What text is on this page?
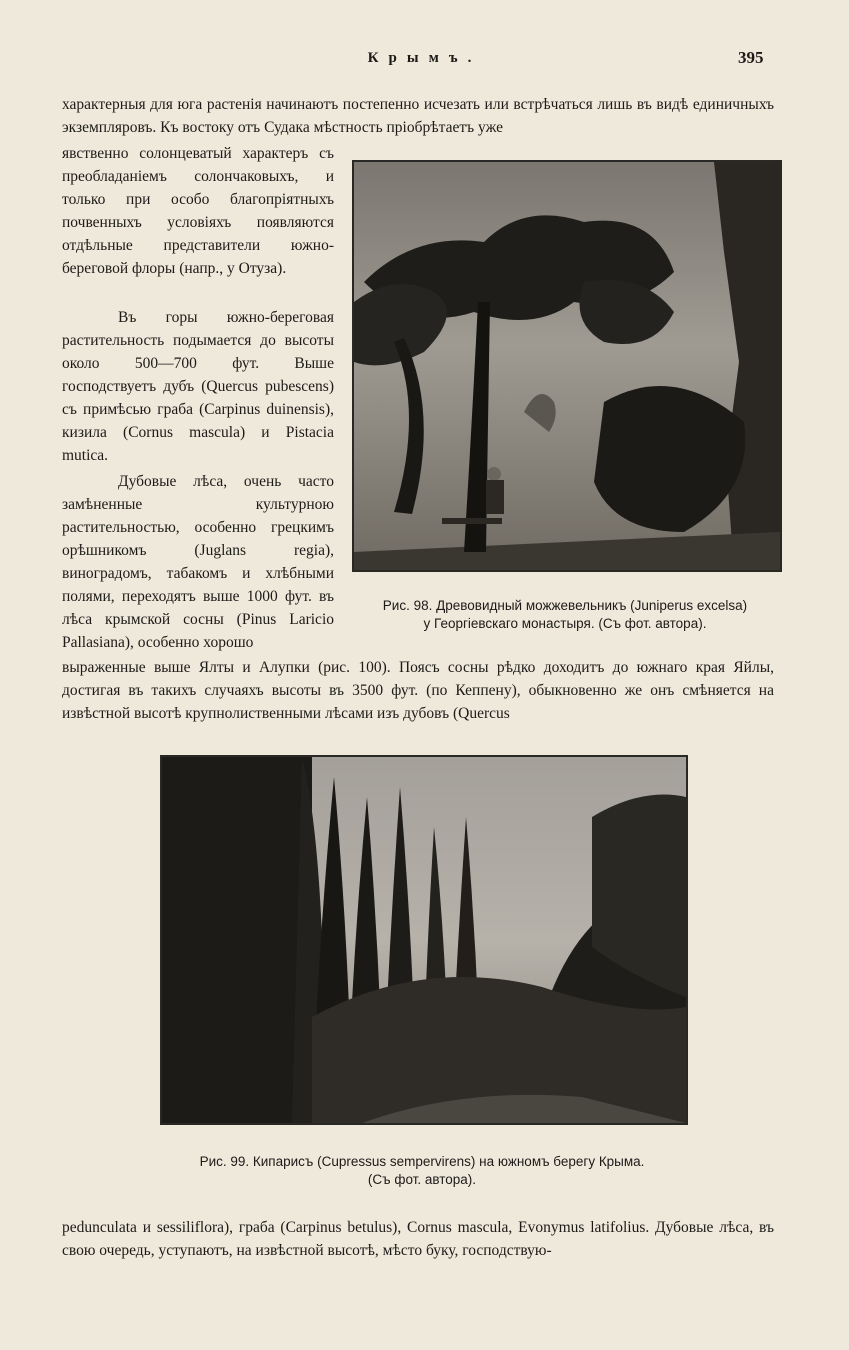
Крымъ.	395
характерныя для юга растенія начинаютъ постепенно исчезать или встрѣчаться лишь въ видѣ единичныхъ экземпляровъ. Къ востоку отъ Судака мѣстность пріобрѣтаетъ уже
явственно солонцеватый характеръ съ преобладаніемъ солончаковыхъ, и только при особо благопріятныхъ почвенныхъ условіяхъ появляются отдѣльные представители южно-береговой флоры (напр., у Отуза).
Въ горы южно-береговая растительность подымается до высоты около 500—700 фут. Выше господствуетъ дубъ (Quercus pubescens) съ примѣсью граба (Carpinus duinensis), кизила (Cornus mascula) и Pistacia mutica.
Дубовые лѣса, очень часто замѣненные культурною растительностью, особенно грецкимъ орѣшникомъ (Juglans regia), виноградомъ, табакомъ и хлѣбными полями, переходятъ выше 1000 фут. въ лѣса крымской сосны (Pinus Laricio Pallasiana), особенно хорошо
Рис. 98. Древовидный можжевельникъ (Juniperus excelsa)
у Георгіевскаго монастыря. (Съ фот. автора).
выраженные выше Ялты и Алупки (рис. 100). Поясъ сосны рѣдко доходитъ до южнаго края Яйлы, достигая въ такихъ случаяхъ высоты въ 3500 фут. (по Кеппену), обыкновенно же онъ смѣняется на извѣстной высотѣ крупнолиственными лѣсами изъ дубовъ (Quercus
Рис. 99. Кипарисъ (Cupressus sempervirens) на южномъ берегу Крыма.
(Съ фот. автора).
pedunculata и sessiliflora), граба (Carpinus betulus), Cornus mascula, Evonymus latifolius. Дубовые лѣса, въ свою очередь, уступаютъ, на извѣстной высотѣ, мѣсто буку, господствую-
